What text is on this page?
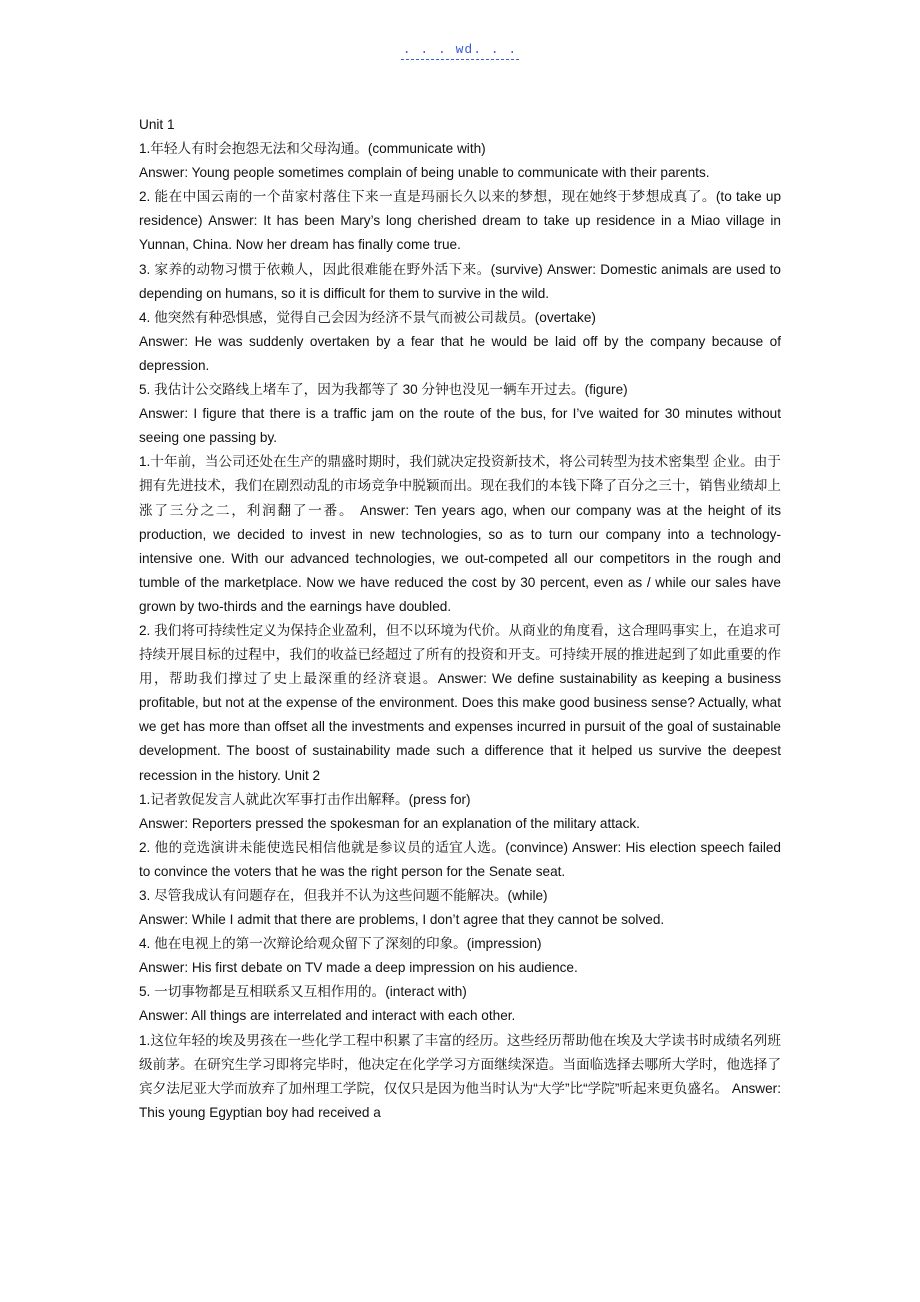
. . . wd. . .

Unit 1

1.年轻人有时会抱怨无法和父母沟通。(communicate with)

Answer: Young people sometimes complain of being unable to communicate with their parents.

2. 能在中国云南的一个苗家村落住下来一直是玛丽长久以来的梦想，现在她终于梦想成真了。(to take up residence) Answer: It has been Mary’s long cherished dream to take up residence in a Miao village in Yunnan, China. Now her dream has finally come true.

3. 家养的动物习惯于依赖人，因此很难能在野外活下来。(survive) Answer: Domestic animals are used to depending on humans, so it is difficult for them to survive in the wild.

4. 他突然有种恐惧感，觉得自己会因为经济不景气而被公司裁员。(overtake)

Answer: He was suddenly overtaken by a fear that he would be laid off by the company because of depression.

5. 我估计公交路线上堵车了，因为我都等了 30 分钟也没见一辆车开过去。(figure)

Answer: I figure that there is a traffic jam on the route of the bus, for I’ve waited for 30 minutes without seeing one passing by.

1.十年前，当公司还处在生产的鼎盛时期时，我们就决定投资新技术，将公司转型为技术密集型 企业。由于拥有先进技术，我们在剧烈动乱的市场竞争中脱颖而出。现在我们的本钱下降了百分之三十，销售业绩却上涨了三分之二，利润翻了一番。 Answer: Ten years ago, when our company was at the height of its production, we decided to invest in new technologies, so as to turn our company into a technology-intensive one. With our advanced technologies, we out-competed all our competitors in the rough and tumble of the marketplace. Now we have reduced the cost by 30 percent, even as / while our sales have grown by two-thirds and the earnings have doubled.

2. 我们将可持续性定义为保持企业盈利，但不以环境为代价。从商业的角度看，这合理吗事实上，在追求可持续开展目标的过程中，我们的收益已经超过了所有的投资和开支。可持续开展的推进起到了如此重要的作用，帮助我们撑过了史上最深重的经济衰退。Answer: We define sustainability as keeping a business profitable, but not at the expense of the environment. Does this make good business sense? Actually, what we get has more than offset all the investments and expenses incurred in pursuit of the goal of sustainable development. The boost of sustainability made such a difference that it helped us survive the deepest recession in the history. Unit 2

1.记者敦促发言人就此次军事打击作出解释。(press for)

Answer: Reporters pressed the spokesman for an explanation of the military attack.

2. 他的竞选演讲未能使选民相信他就是参议员的适宜人选。(convince) Answer: His election speech failed to convince the voters that he was the right person for the Senate seat.

3. 尽管我成认有问题存在，但我并不认为这些问题不能解决。(while)

Answer: While I admit that there are problems, I don’t agree that they cannot be solved.

4. 他在电视上的第一次辩论给观众留下了深刻的印象。(impression)

Answer: His first debate on TV made a deep impression on his audience.

5. 一切事物都是互相联系又互相作用的。(interact with)

Answer: All things are interrelated and interact with each other.

1.这位年轻的埃及男孩在一些化学工程中积累了丰富的经历。这些经历帮助他在埃及大学读书时成绩名列班级前茅。在研究生学习即将完毕时，他决定在化学学习方面继续深造。当面临选择去哪所大学时，他选择了宾夕法尼亚大学而放弃了加州理工学院，仅仅只是因为他当时认为“大学”比“学院”听起来更负盛名。 Answer: This young Egyptian boy had received a
